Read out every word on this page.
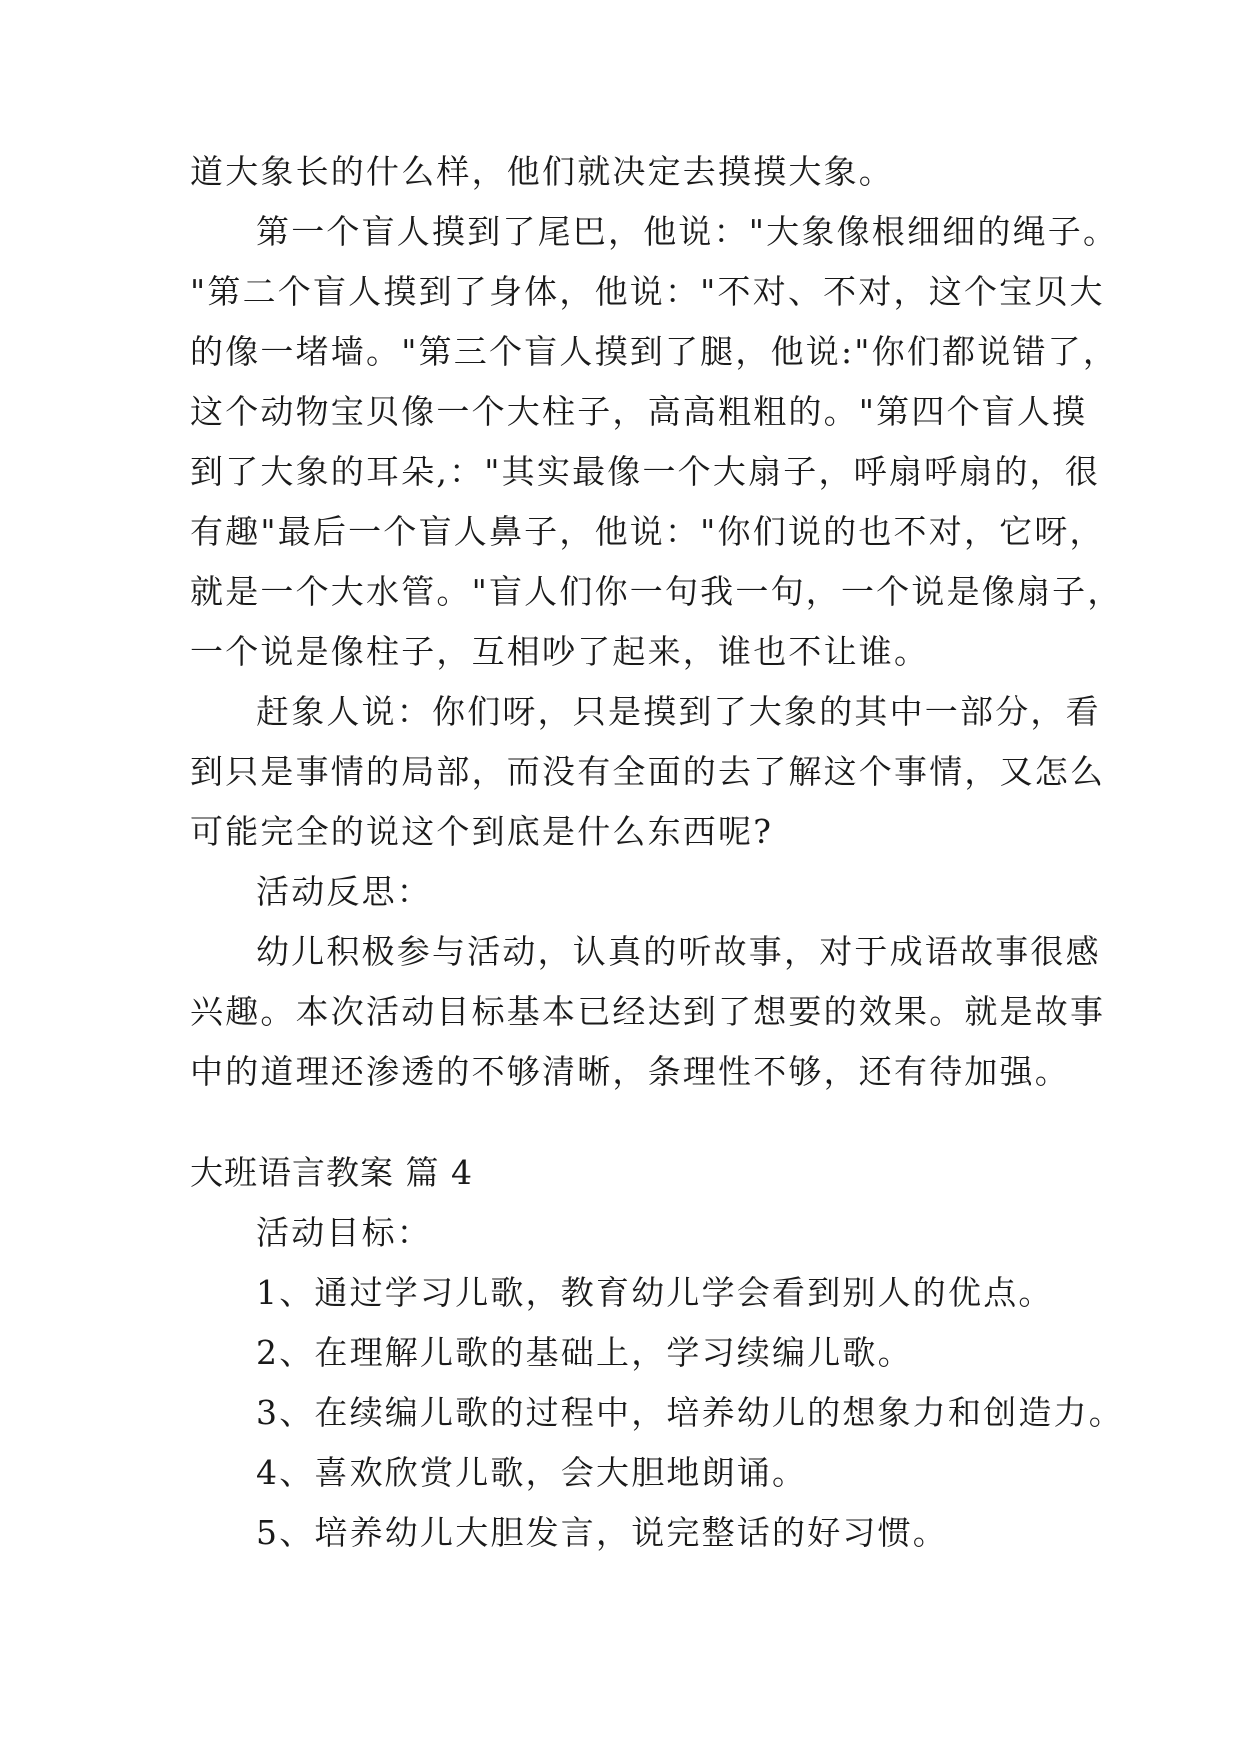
道大象长的什么样，他们就决定去摸摸大象。
第一个盲人摸到了尾巴，他说："大象像根细细的绳子。
"第二个盲人摸到了身体，他说："不对、不对，这个宝贝大
的像一堵墙。"第三个盲人摸到了腿，他说:"你们都说错了，
这个动物宝贝像一个大柱子，高高粗粗的。"第四个盲人摸
到了大象的耳朵,："其实最像一个大扇子，呼扇呼扇的，很
有趣"最后一个盲人鼻子，他说："你们说的也不对，它呀，
就是一个大水管。"盲人们你一句我一句，一个说是像扇子，
一个说是像柱子，互相吵了起来，谁也不让谁。
赶象人说：你们呀，只是摸到了大象的其中一部分，看
到只是事情的局部，而没有全面的去了解这个事情，又怎么
可能完全的说这个到底是什么东西呢?
活动反思：
幼儿积极参与活动，认真的听故事，对于成语故事很感
兴趣。本次活动目标基本已经达到了想要的效果。就是故事
中的道理还渗透的不够清晰，条理性不够，还有待加强。
大班语言教案 篇 4
活动目标：
1、通过学习儿歌，教育幼儿学会看到别人的优点。
2、在理解儿歌的基础上，学习续编儿歌。
3、在续编儿歌的过程中，培养幼儿的想象力和创造力。
4、喜欢欣赏儿歌，会大胆地朗诵。
5、培养幼儿大胆发言，说完整话的好习惯。
